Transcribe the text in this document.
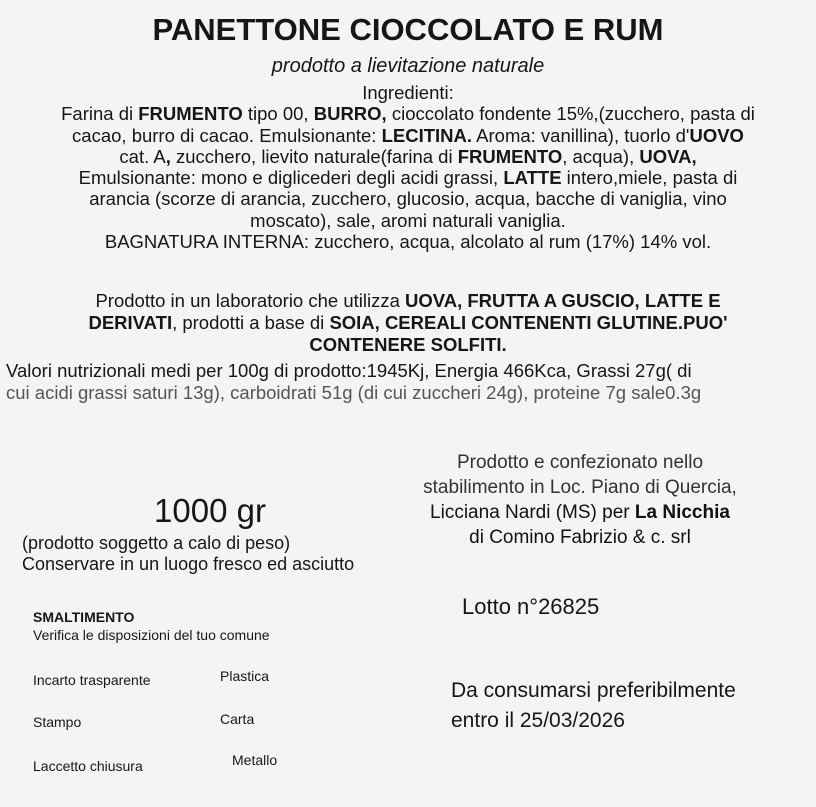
PANETTONE CIOCCOLATO E RUM
prodotto a lievitazione naturale
Ingredienti:
Farina di FRUMENTO tipo 00, BURRO, cioccolato fondente 15%,(zucchero, pasta di
cacao, burro di cacao. Emulsionante: LECITINA. Aroma: vanillina), tuorlo d'UOVO
cat. A, zucchero, lievito naturale(farina di FRUMENTO, acqua), UOVA,
Emulsionante: mono e diglicederi degli acidi grassi, LATTE intero,miele, pasta di
arancia (scorze di arancia, zucchero, glucosio, acqua, bacche di vaniglia, vino
moscato), sale, aromi naturali vaniglia.
BAGNATURA INTERNA: zucchero, acqua, alcolato al rum (17%) 14% vol.
Prodotto in un laboratorio che utilizza UOVA, FRUTTA A GUSCIO, LATTE E
DERIVATI, prodotti a base di SOIA, CEREALI CONTENENTI GLUTINE.PUO'
CONTENERE SOLFITI.
Valori nutrizionali medi per 100g di prodotto:1945Kj, Energia 466Kca, Grassi 27g( di
cui acidi grassi saturi 13g), carboidrati 51g (di cui zuccheri 24g), proteine 7g sale0.3g
1000 gr
(prodotto soggetto a calo di peso)
Conservare in un luogo fresco ed asciutto
Prodotto e confezionato nello
stabilimento in Loc. Piano di Quercia,
Licciana Nardi (MS) per La Nicchia
di Comino Fabrizio & c. srl
Lotto n°26825
Da consumarsi preferibilmente
entro il 25/03/2026
SMALTIMENTO
Verifica le disposizioni del tuo comune
Incarto trasparente	Plastica
Stampo	Carta
Laccetto chiusura	Metallo
